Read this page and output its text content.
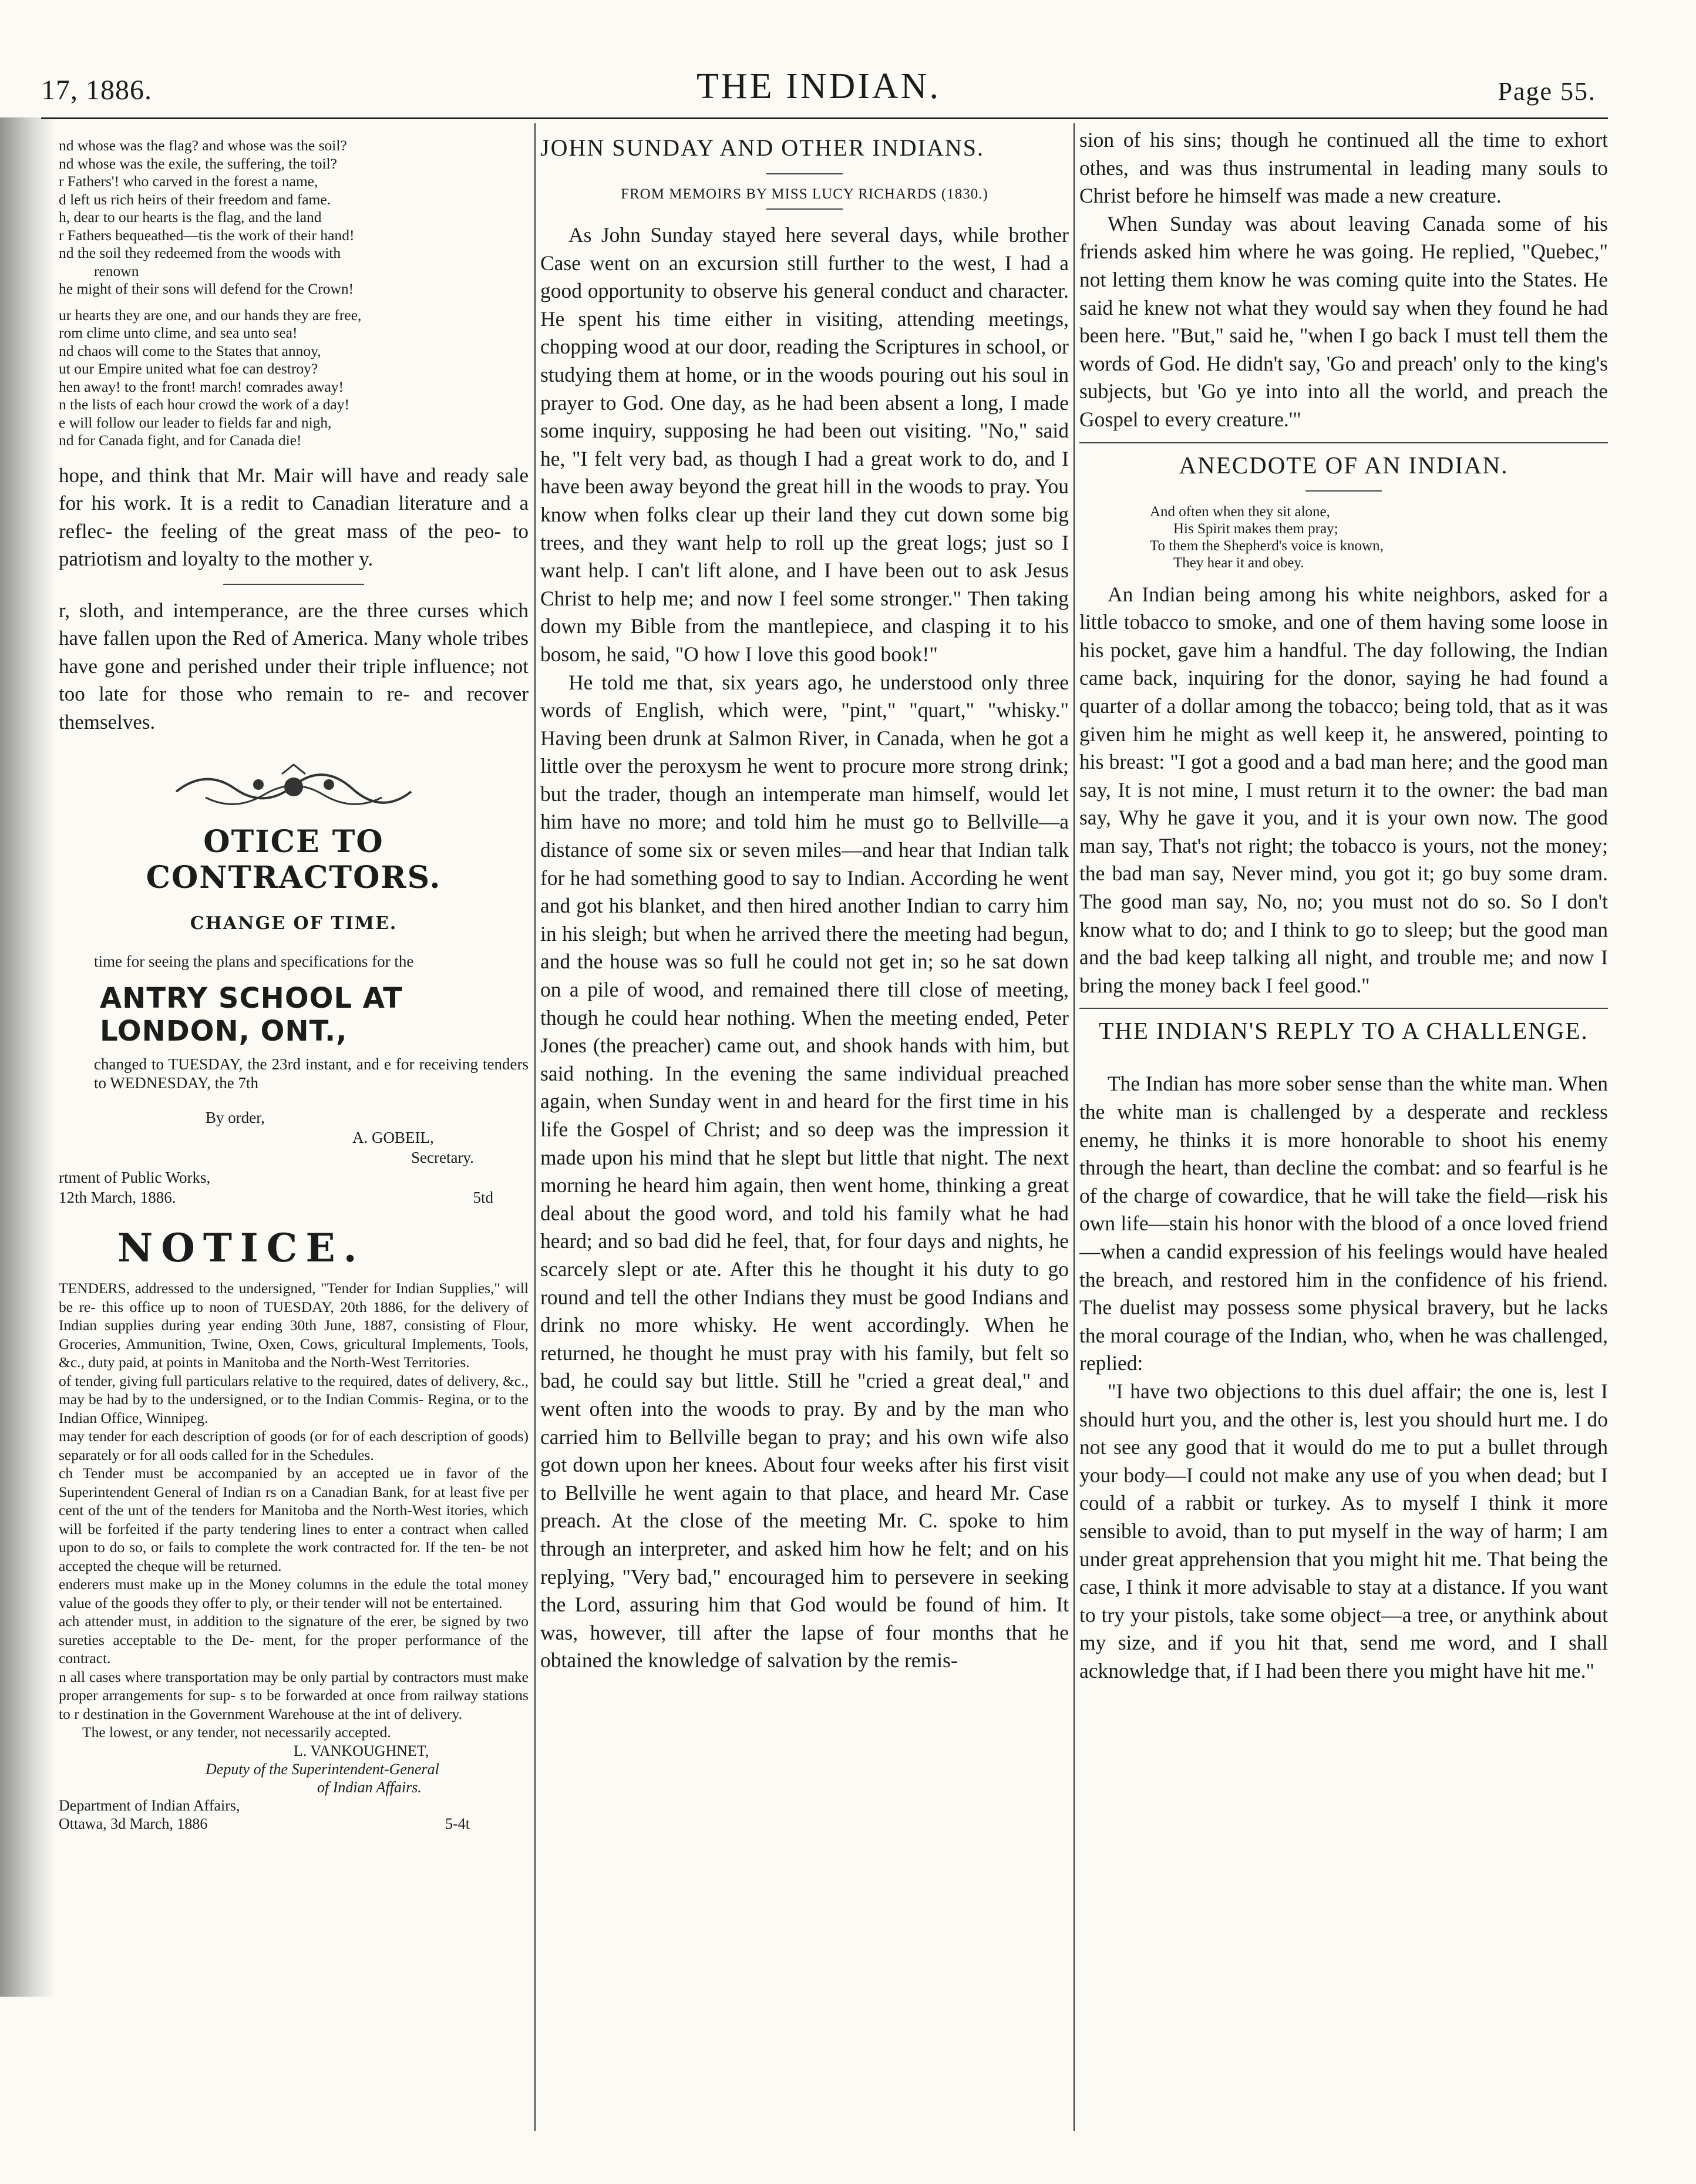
17, 1886.	THE INDIAN.	Page 55.

nd whose was the flag? and whose was the soil?

nd whose was the exile, the suffering, the toil?

r Fathers'! who carved in the forest a name,

d left us rich heirs of their freedom and fame.

h, dear to our hearts is the flag, and the land

r Fathers bequeathed—tis the work of their hand!

nd the soil they redeemed from the woods with

renown

he might of their sons will defend for the Crown!

ur hearts they are one, and our hands they are free,

rom clime unto clime, and sea unto sea!

nd chaos will come to the States that annoy,

ut our Empire united what foe can destroy?

hen away! to the front! march! comrades away!

n the lists of each hour crowd the work of a day!

e will follow our leader to fields far and nigh,

nd for Canada fight, and for Canada die!

hope, and think that Mr. Mair will have and ready sale for his work. It is a redit to Canadian literature and a reflec- the feeling of the great mass of the peo- to patriotism and loyalty to the mother y.

r, sloth, and intemperance, are the three curses which have fallen upon the Red of America. Many whole tribes have gone and perished under their triple influence; not too late for those who remain to re- and recover themselves.

OTICE TO CONTRACTORS.
CHANGE OF TIME.

time for seeing the plans and specifications for the

ANTRY SCHOOL AT LONDON, ONT.,

changed to TUESDAY, the 23rd instant, and e for receiving tenders to WEDNESDAY, the 7th

By order,
A. GOBEIL,
Secretary.
rtment of Public Works,
12th March, 1886.	5td
NOTICE.

TENDERS, addressed to the undersigned, "Tender for Indian Supplies," will be re- this office up to noon of TUESDAY, 20th 1886, for the delivery of Indian supplies during year ending 30th June, 1887, consisting of Flour, Groceries, Ammunition, Twine, Oxen, Cows, gricultural Implements, Tools, &c., duty paid, at points in Manitoba and the North-West Territories.

of tender, giving full particulars relative to the required, dates of delivery, &c., may be had by to the undersigned, or to the Indian Commis- Regina, or to the Indian Office, Winnipeg.

may tender for each description of goods (or for of each description of goods) separately or for all oods called for in the Schedules.

ch Tender must be accompanied by an accepted ue in favor of the Superintendent General of Indian rs on a Canadian Bank, for at least five per cent of the unt of the tenders for Manitoba and the North-West itories, which will be forfeited if the party tendering lines to enter a contract when called upon to do so, or fails to complete the work contracted for. If the ten- be not accepted the cheque will be returned.

enderers must make up in the Money columns in the edule the total money value of the goods they offer to ply, or their tender will not be entertained.

ach attender must, in addition to the signature of the erer, be signed by two sureties acceptable to the De- ment, for the proper performance of the contract.

n all cases where transportation may be only partial by contractors must make proper arrangements for sup- s to be forwarded at once from railway stations to r destination in the Government Warehouse at the int of delivery.

The lowest, or any tender, not necessarily accepted.

L. VANKOUGHNET,
Deputy of the Superintendent-General
of Indian Affairs.
Department of Indian Affairs,
Ottawa, 3d March, 1886	5-4t
JOHN SUNDAY AND OTHER INDIANS.
FROM MEMOIRS BY MISS LUCY RICHARDS (1830.)

As John Sunday stayed here several days, while brother Case went on an excursion still further to the west, I had a good opportunity to observe his general conduct and character. He spent his time either in visiting, attending meetings, chopping wood at our door, reading the Scriptures in school, or studying them at home, or in the woods pouring out his soul in prayer to God. One day, as he had been absent a long, I made some inquiry, supposing he had been out visiting. "No," said he, "I felt very bad, as though I had a great work to do, and I have been away beyond the great hill in the woods to pray. You know when folks clear up their land they cut down some big trees, and they want help to roll up the great logs; just so I want help. I can't lift alone, and I have been out to ask Jesus Christ to help me; and now I feel some stronger." Then taking down my Bible from the mantlepiece, and clasping it to his bosom, he said, "O how I love this good book!"

He told me that, six years ago, he understood only three words of English, which were, "pint," "quart," "whisky." Having been drunk at Salmon River, in Canada, when he got a little over the peroxysm he went to procure more strong drink; but the trader, though an intemperate man himself, would let him have no more; and told him he must go to Bellville—a distance of some six or seven miles—and hear that Indian talk for he had something good to say to Indian. According he went and got his blanket, and then hired another Indian to carry him in his sleigh; but when he arrived there the meeting had begun, and the house was so full he could not get in; so he sat down on a pile of wood, and remained there till close of meeting, though he could hear nothing. When the meeting ended, Peter Jones (the preacher) came out, and shook hands with him, but said nothing. In the evening the same individual preached again, when Sunday went in and heard for the first time in his life the Gospel of Christ; and so deep was the impression it made upon his mind that he slept but little that night. The next morning he heard him again, then went home, thinking a great deal about the good word, and told his family what he had heard; and so bad did he feel, that, for four days and nights, he scarcely slept or ate. After this he thought it his duty to go round and tell the other Indians they must be good Indians and drink no more whisky. He went accordingly. When he returned, he thought he must pray with his family, but felt so bad, he could say but little. Still he "cried a great deal," and went often into the woods to pray. By and by the man who carried him to Bellville began to pray; and his own wife also got down upon her knees. About four weeks after his first visit to Bellville he went again to that place, and heard Mr. Case preach. At the close of the meeting Mr. C. spoke to him through an interpreter, and asked him how he felt; and on his replying, "Very bad," encouraged him to persevere in seeking the Lord, assuring him that God would be found of him. It was, however, till after the lapse of four months that he obtained the knowledge of salvation by the remis-

sion of his sins; though he continued all the time to exhort othes, and was thus instrumental in leading many souls to Christ before he himself was made a new creature.

When Sunday was about leaving Canada some of his friends asked him where he was going. He replied, "Quebec," not letting them know he was coming quite into the States. He said he knew not what they would say when they found he had been here. "But," said he, "when I go back I must tell them the words of God. He didn't say, 'Go and preach' only to the king's subjects, but 'Go ye into into all the world, and preach the Gospel to every creature.'"

ANECDOTE OF AN INDIAN.

And often when they sit alone,

His Spirit makes them pray;

To them the Shepherd's voice is known,

They hear it and obey.

An Indian being among his white neighbors, asked for a little tobacco to smoke, and one of them having some loose in his pocket, gave him a handful. The day following, the Indian came back, inquiring for the donor, saying he had found a quarter of a dollar among the tobacco; being told, that as it was given him he might as well keep it, he answered, pointing to his breast: "I got a good and a bad man here; and the good man say, It is not mine, I must return it to the owner: the bad man say, Why he gave it you, and it is your own now. The good man say, That's not right; the tobacco is yours, not the money; the bad man say, Never mind, you got it; go buy some dram. The good man say, No, no; you must not do so. So I don't know what to do; and I think to go to sleep; but the good man and the bad keep talking all night, and trouble me; and now I bring the money back I feel good."

THE INDIAN'S REPLY TO A CHALLENGE.

The Indian has more sober sense than the white man. When the white man is challenged by a desperate and reckless enemy, he thinks it is more honorable to shoot his enemy through the heart, than decline the combat: and so fearful is he of the charge of cowardice, that he will take the field—risk his own life—stain his honor with the blood of a once loved friend—when a candid expression of his feelings would have healed the breach, and restored him in the confidence of his friend. The duelist may possess some physical bravery, but he lacks the moral courage of the Indian, who, when he was challenged, replied:

"I have two objections to this duel affair; the one is, lest I should hurt you, and the other is, lest you should hurt me. I do not see any good that it would do me to put a bullet through your body—I could not make any use of you when dead; but I could of a rabbit or turkey. As to myself I think it more sensible to avoid, than to put myself in the way of harm; I am under great apprehension that you might hit me. That being the case, I think it more advisable to stay at a distance. If you want to try your pistols, take some object—a tree, or anythink about my size, and if you hit that, send me word, and I shall acknowledge that, if I had been there you might have hit me."
